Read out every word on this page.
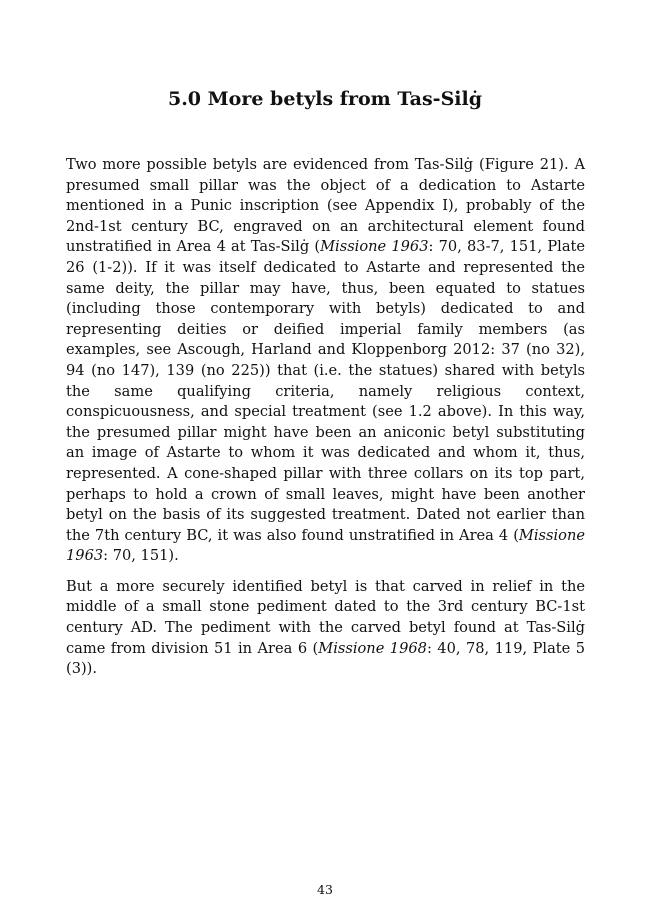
5.0 More betyls from Tas-Silġ

Two more possible betyls are evidenced from Tas-Silġ (Figure 21). A presumed small pillar was the object of a dedication to Astarte mentioned in a Punic inscription (see Appendix I), probably of the 2nd-1st century BC, engraved on an architectural element found unstratified in Area 4 at Tas-Silġ (Missione 1963: 70, 83-7, 151, Plate 26 (1-2)). If it was itself dedicated to Astarte and represented the same deity, the pillar may have, thus, been equated to statues (including those contemporary with betyls) dedicated to and representing deities or deified imperial family members (as examples, see Ascough, Harland and Kloppenborg 2012: 37 (no 32), 94 (no 147), 139 (no 225)) that (i.e. the statues) shared with betyls the same qualifying criteria, namely religious context, conspicuousness, and special treatment (see 1.2 above). In this way, the presumed pillar might have been an aniconic betyl substituting an image of Astarte to whom it was dedicated and whom it, thus, represented. A cone-shaped pillar with three collars on its top part, perhaps to hold a crown of small leaves, might have been another betyl on the basis of its suggested treatment. Dated not earlier than the 7th century BC, it was also found unstratified in Area 4 (Missione 1963: 70, 151).

But a more securely identified betyl is that carved in relief in the middle of a small stone pediment dated to the 3rd century BC-1st century AD. The pediment with the carved betyl found at Tas-Silġ came from division 51 in Area 6 (Missione 1968: 40, 78, 119, Plate 5 (3)).

43
